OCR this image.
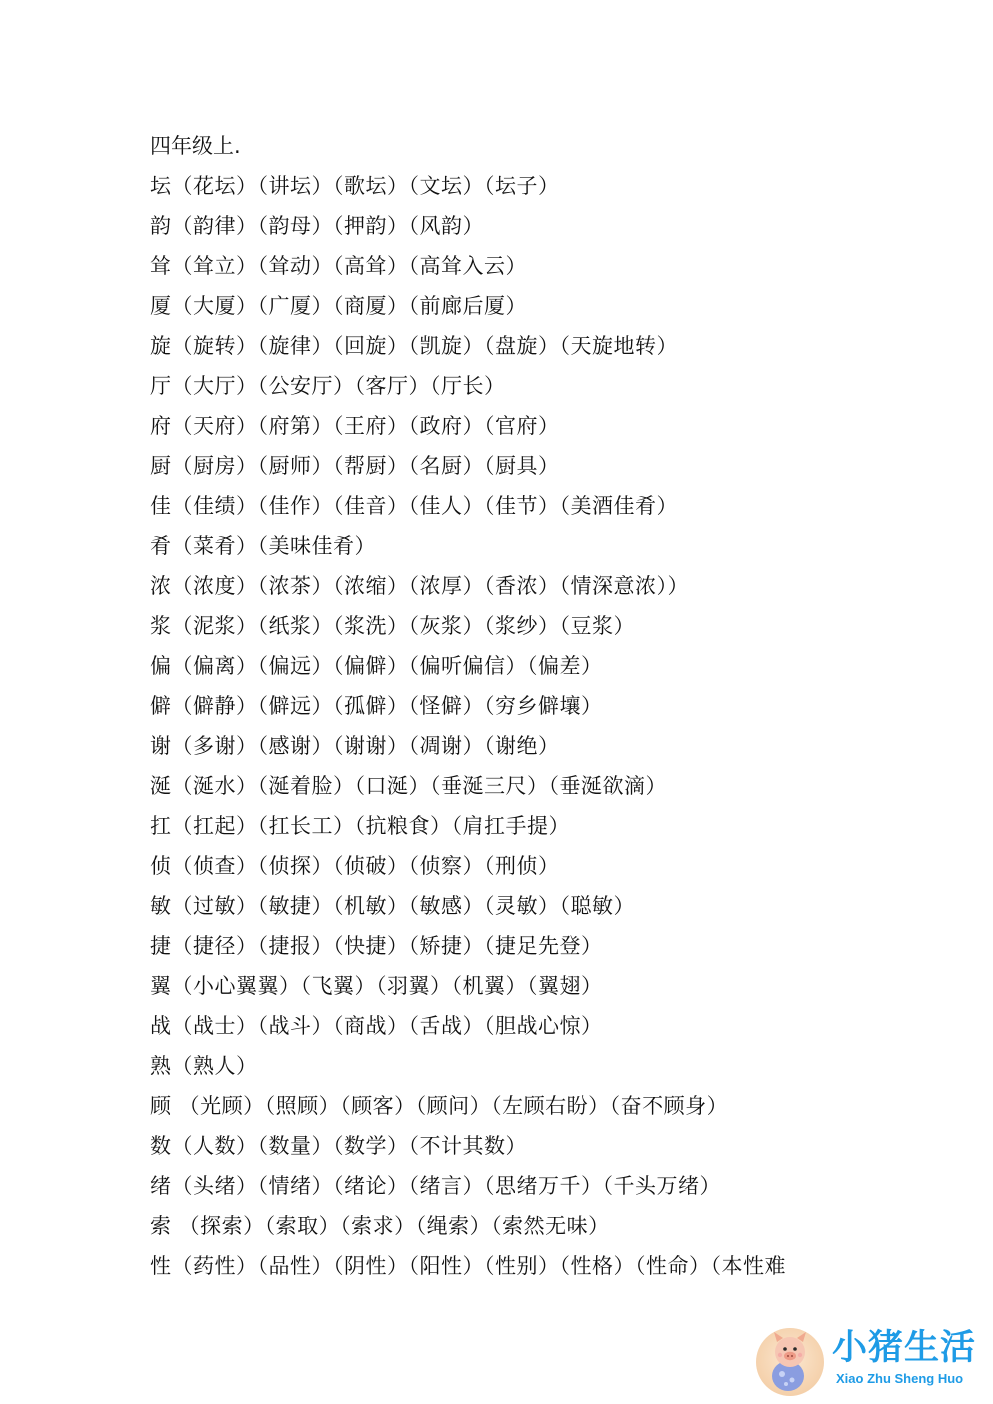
四年级上.
坛（花坛）（讲坛）（歌坛）（文坛）（坛子）
韵（韵律）（韵母）（押韵）（风韵）
耸（耸立）（耸动）（高耸）（高耸入云）
厦（大厦）（广厦）（商厦）（前廊后厦）
旋（旋转）（旋律）（回旋）（凯旋）（盘旋）（天旋地转）
厅（大厅）（公安厅）（客厅）（厅长）
府（天府）（府第）（王府）（政府）（官府）
厨（厨房）（厨师）（帮厨）（名厨）（厨具）
佳（佳绩）（佳作）（佳音）（佳人）（佳节）（美酒佳肴）
肴（菜肴）（美味佳肴）
浓（浓度）（浓茶）（浓缩）（浓厚）（香浓）（情深意浓））
浆（泥浆）（纸浆）（浆洗）（灰浆）（浆纱）（豆浆）
偏（偏离）（偏远）（偏僻）（偏听偏信）（偏差）
僻（僻静）（僻远）（孤僻）（怪僻）（穷乡僻壤）
谢（多谢）（感谢）（谢谢）（凋谢）（谢绝）
涎（涎水）（涎着脸）（口涎）（垂涎三尺）（垂涎欲滴）
扛（扛起）（扛长工）（抗粮食）（肩扛手提）
侦（侦查）（侦探）（侦破）（侦察）（刑侦）
敏（过敏）（敏捷）（机敏）（敏感）（灵敏）（聪敏）
捷（捷径）（捷报）（快捷）（矫捷）（捷足先登）
翼（小心翼翼）（飞翼）（羽翼）（机翼）（翼翅）
战（战士）（战斗）（商战）（舌战）（胆战心惊）
熟（熟人）
顾 （光顾）（照顾）（顾客）（顾问）（左顾右盼）（奋不顾身）
数（人数）（数量）（数学）（不计其数）
绪（头绪）（情绪）（绪论）（绪言）（思绪万千）（千头万绪）
索 （探索）（索取）（索求）（绳索）（索然无味）
性（药性）（品性）（阴性）（阳性）（性别）（性格）（性命）（本性难
小猪生活
Xiao Zhu Sheng Huo
